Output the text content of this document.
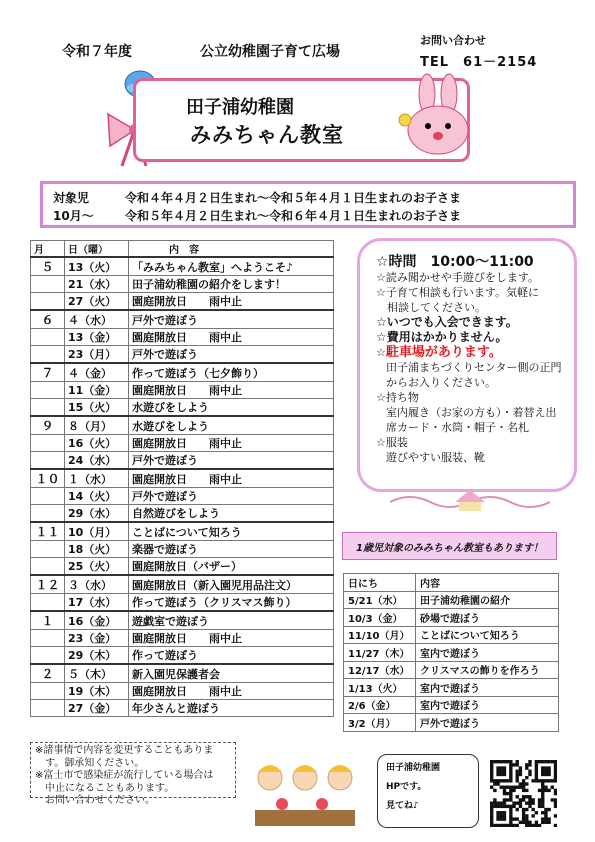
令和７年度	公立幼稚園子育て広場
お問い合わせ
TEL　61－2154
田子浦幼稚園
みみちゃん教室
対象児	令和４年４月２日生まれ～令和５年４月１日生まれのお子さま
10月～	令和５年４月２日生まれ～令和６年４月１日生まれのお子さま
月	日（曜）	内　容
５	13（火）	「みみちゃん教室」へようこそ♪
	21（水）	田子浦幼稚園の紹介をします！
	27（火）	園庭開放日　　雨中止
６	４（水）	戸外で遊ぼう
	13（金）	園庭開放日　　雨中止
	23（月）	戸外で遊ぼう
７	４（金）	作って遊ぼう（七夕飾り）
	11（金）	園庭開放日　　雨中止
	15（火）	水遊びをしよう
９	８（月）	水遊びをしよう
	16（火）	園庭開放日　　雨中止
	24（水）	戸外で遊ぼう
１０	１（水）	園庭開放日　　雨中止
	14（火）	戸外で遊ぼう
	29（水）	自然遊びをしよう
１１	10（月）	ことばについて知ろう
	18（火）	楽器で遊ぼう
	25（火）	園庭開放日（バザー）
１２	３（水）	園庭開放日（新入園児用品注文）
	17（水）	作って遊ぼう（クリスマス飾り）
１	16（金）	遊戯室で遊ぼう
	23（金）	園庭開放日　　雨中止
	29（木）	作って遊ぼう
２	５（木）	新入園児保護者会
	19（木）	園庭開放日　　雨中止
	27（金）	年少さんと遊ぼう
☆時間　10:00～11:00
☆読み聞かせや手遊びをします。
☆子育て相談も行います。気軽に
　相談してください。
☆いつでも入会できます。
☆費用はかかりません。
☆駐車場があります。
田子浦まちづくりセンター側の正門からお入りください。
☆持ち物
室内履き（お家の方も）・着替え出席カード・水筒・帽子・名札
☆服装
遊びやすい服装、靴
1歳児対象のみみちゃん教室もあります！
日にち	内容
5/21（水）	田子浦幼稚園の紹介
10/3（金）	砂場で遊ぼう
11/10（月）	ことばについて知ろう
11/27（木）	室内で遊ぼう
12/17（水）	クリスマスの飾りを作ろう
1/13（火）	室内で遊ぼう
2/6（金）	室内で遊ぼう
3/2（月）	戸外で遊ぼう
※諸事情で内容を変更することもありま
　す。御承知ください。
※富士市で感染症が流行している場合は
　中止になることもあります。
　お問い合わせください。
田子浦幼稚園
HPです。
見てね♪
